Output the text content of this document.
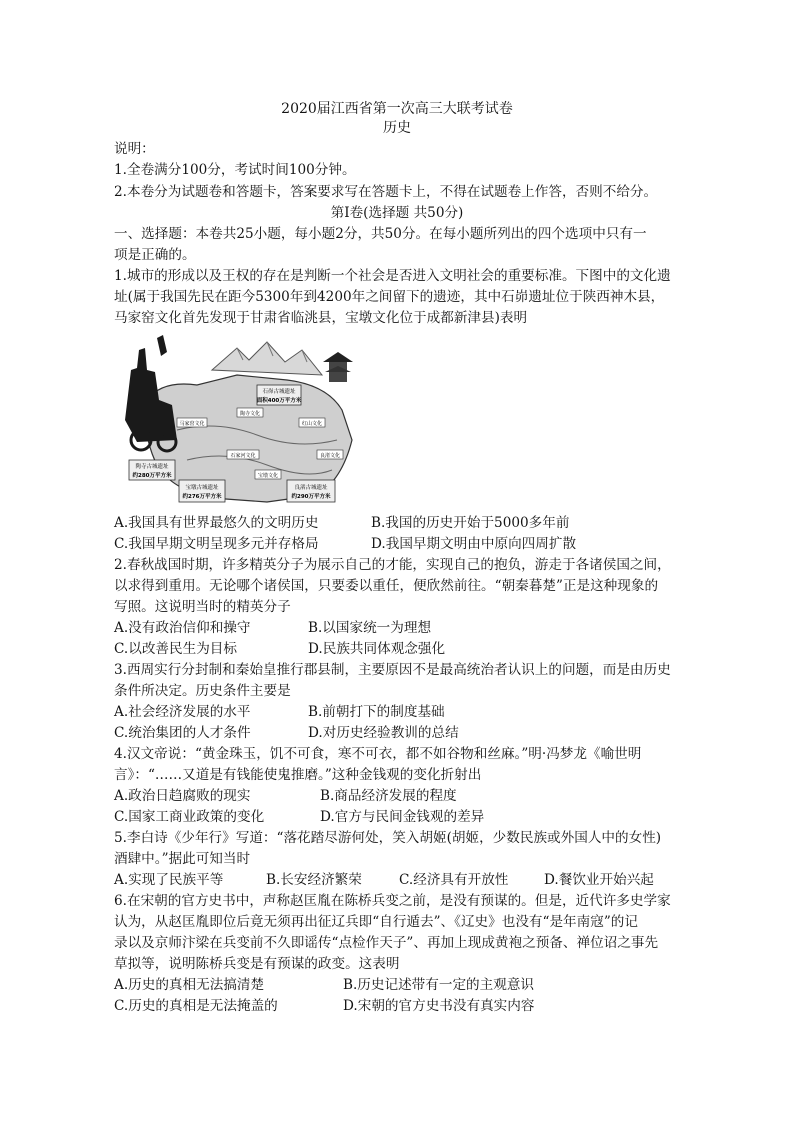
2020届江西省第一次高三大联考试卷
历史
说明：
1.全卷满分100分，考试时间100分钟。
2.本卷分为试题卷和答题卡，答案要求写在答题卡上，不得在试题卷上作答，否则不给分。
第Ⅰ卷(选择题 共50分)
一、选择题：本卷共25小题，每小题2分，共50分。在每小题所列出的四个选项中只有一
项是正确的。
1.城市的形成以及王权的存在是判断一个社会是否进入文明社会的重要标准。下图中的文化遗
址(属于我国先民在距今5300年到4200年之间留下的遗迹，其中石峁遗址位于陕西神木县，
马家窑文化首先发现于甘肃省临洮县，宝墩文化位于成都新津县)表明
石峁古城遗址
面积400万平方米
陶寺古城遗址
约280万平方米
宝墩古城遗址
约276万平方米
良渚古城遗址
约290万平方米
马家窑文化
陶寺文化
红山文化
良渚文化
石家河文化
宝墩文化
A.我国具有世界最悠久的文明历史	B.我国的历史开始于5000多年前
C.我国早期文明呈现多元并存格局	D.我国早期文明由中原向四周扩散
2.春秋战国时期，许多精英分子为展示自己的才能，实现自己的抱负，游走于各诸侯国之间，
以求得到重用。无论哪个诸侯国，只要委以重任，便欣然前往。“朝秦暮楚”正是这种现象的
写照。这说明当时的精英分子
A.没有政治信仰和操守	B.以国家统一为理想
C.以改善民生为目标	D.民族共同体观念强化
3.西周实行分封制和秦始皇推行郡县制，主要原因不是最高统治者认识上的问题，而是由历史
条件所决定。历史条件主要是
A.社会经济发展的水平	B.前朝打下的制度基础
C.统治集团的人才条件	D.对历史经验教训的总结
4.汉文帝说：“黄金珠玉，饥不可食，寒不可衣，都不如谷物和丝麻。”明·冯梦龙《喻世明
言》：“……又道是有钱能使鬼推磨。”这种金钱观的变化折射出
A.政治日趋腐败的现实	B.商品经济发展的程度
C.国家工商业政策的变化	D.官方与民间金钱观的差异
5.李白诗《少年行》写道：“落花踏尽游何处，笑入胡姬(胡姬，少数民族或外国人中的女性)
酒肆中。”据此可知当时
A.实现了民族平等	B.长安经济繁荣	C.经济具有开放性	D.餐饮业开始兴起
6.在宋朝的官方史书中，声称赵匡胤在陈桥兵变之前，是没有预谋的。但是，近代许多史学家
认为，从赵匡胤即位后竟无须再出征辽兵即“自行遁去”、《辽史》也没有“是年南寇”的记
录以及京师汴梁在兵变前不久即谣传“点检作天子”、再加上现成黄袍之预备、禅位诏之事先
草拟等，说明陈桥兵变是有预谋的政变。这表明
A.历史的真相无法搞清楚	B.历史记述带有一定的主观意识
C.历史的真相是无法掩盖的	D.宋朝的官方史书没有真实内容
